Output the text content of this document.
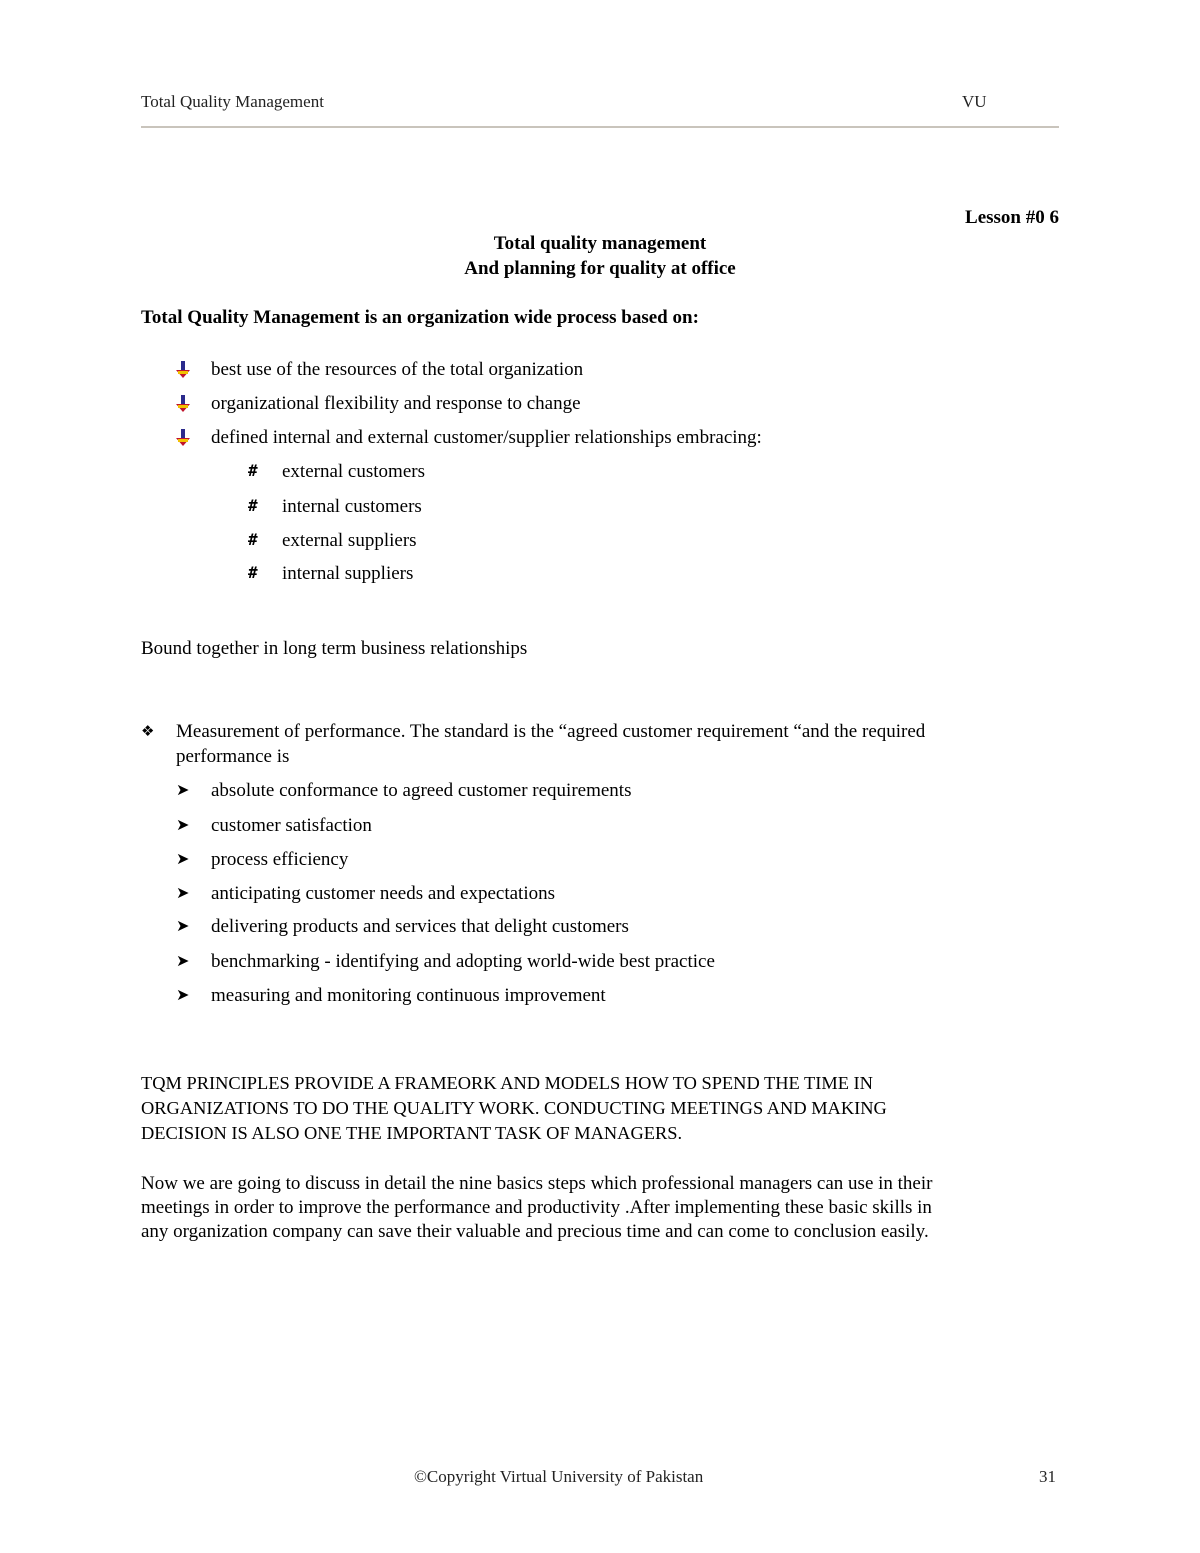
Total Quality Management	VU
Lesson #0 6
Total quality management
And planning for quality at office
Total Quality Management is an organization wide process based on:
best use of the resources of the total organization
organizational flexibility and response to change
defined internal and external customer/supplier relationships embracing:
# external customers
# internal customers
# external suppliers
# internal suppliers
Bound together in long term business relationships
❖ Measurement of performance. The standard is the “agreed customer requirement “and the required
performance is
➤ absolute conformance to agreed customer requirements
➤ customer satisfaction
➤ process efficiency
➤ anticipating customer needs and expectations
➤ delivering products and services that delight customers
➤ benchmarking - identifying and adopting world-wide best practice
➤ measuring and monitoring continuous improvement
TQM PRINCIPLES PROVIDE A FRAMEORK AND MODELS HOW TO SPEND THE TIME IN
ORGANIZATIONS TO DO THE QUALITY WORK. CONDUCTING MEETINGS AND MAKING
DECISION IS ALSO ONE THE IMPORTANT TASK OF MANAGERS.
Now we are going to discuss in detail the nine basics steps which professional managers can use in their
meetings in order to improve the performance and productivity .After implementing these basic skills in
any organization company can save their valuable and precious time and can come to conclusion easily.
©Copyright Virtual University of Pakistan	31
